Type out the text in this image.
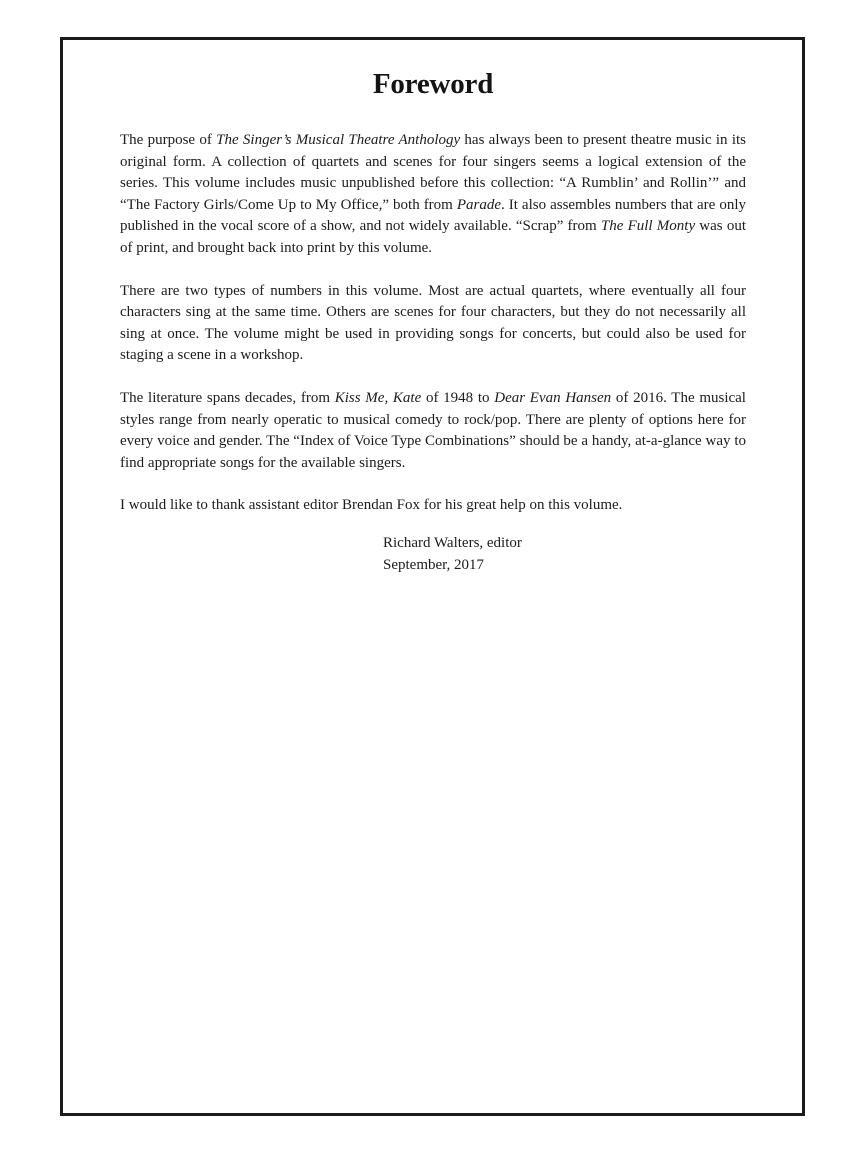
Foreword

The purpose of The Singer’s Musical Theatre Anthology has always been to present theatre music in its original form. A collection of quartets and scenes for four singers seems a logical extension of the series. This volume includes music unpublished before this collection: “A Rumblin’ and Rollin’” and “The Factory Girls/Come Up to My Office,” both from Parade. It also assembles numbers that are only published in the vocal score of a show, and not widely available. “Scrap” from The Full Monty was out of print, and brought back into print by this volume.

There are two types of numbers in this volume. Most are actual quartets, where eventually all four characters sing at the same time. Others are scenes for four characters, but they do not necessarily all sing at once. The volume might be used in providing songs for concerts, but could also be used for staging a scene in a workshop.

The literature spans decades, from Kiss Me, Kate of 1948 to Dear Evan Hansen of 2016. The musical styles range from nearly operatic to musical comedy to rock/pop. There are plenty of options here for every voice and gender. The “Index of Voice Type Combinations” should be a handy, at-a-glance way to find appropriate songs for the available singers.

I would like to thank assistant editor Brendan Fox for his great help on this volume.

Richard Walters, editor
September, 2017
